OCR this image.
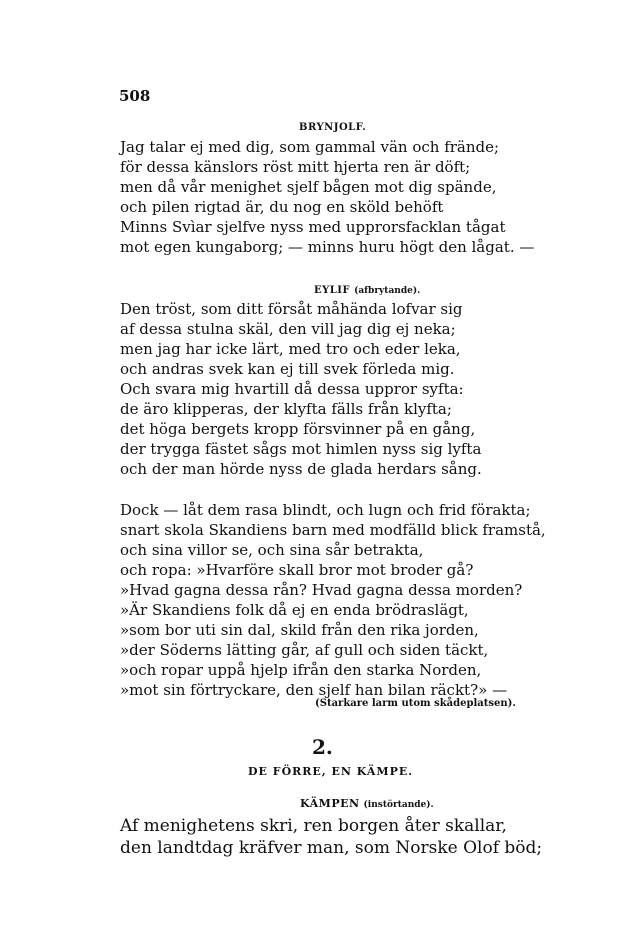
508
BRYNJOLF.
Jag talar ej med dig, som gammal vän och frände;
för dessa känslors röst mitt hjerta ren är döft;
men då vår menighet sjelf bågen mot dig spände,
och pilen rigtad är, du nog en sköld behöft
Minns Svìar sjelfve nyss med upprorsfacklan tågat
mot egen kungaborg; — minns huru högt den lågat. —
EYLIF (afbrytande).
Den tröst, som ditt försåt måhända lofvar sig
af dessa stulna skäl, den vill jag dig ej neka;
men jag har icke lärt, med tro och eder leka,
och andras svek kan ej till svek förleda mig.
Och svara mig hvartill då dessa uppror syfta:
de äro klipperas, der klyfta fälls från klyfta;
det höga bergets kropp försvinner på en gång,
der trygga fästet sågs mot himlen nyss sig lyfta
och der man hörde nyss de glada herdars sång.
Dock — låt dem rasa blindt, och lugn och frid förakta;
snart skola Skandiens barn med modfälld blick framstå,
och sina villor se, och sina sår betrakta,
och ropa: »Hvarföre skall bror mot broder gå?
»Hvad gagna dessa rån? Hvad gagna dessa morden?
»Är Skandiens folk då ej en enda brödraslägt,
»som bor uti sin dal, skild från den rika jorden,
»der Söderns lätting går, af gull och siden täckt,
»och ropar uppå hjelp ifrån den starka Norden,
»mot sin förtryckare, den sjelf han bilan räckt?» —
(Starkare larm utom skådeplatsen).
2.
DE FÖRRE, EN KÄMPE.
KÄMPEN (instörtande).
Af menighetens skri, ren borgen åter skallar,
den landtdag kräfver man, som Norske Olof böd;
